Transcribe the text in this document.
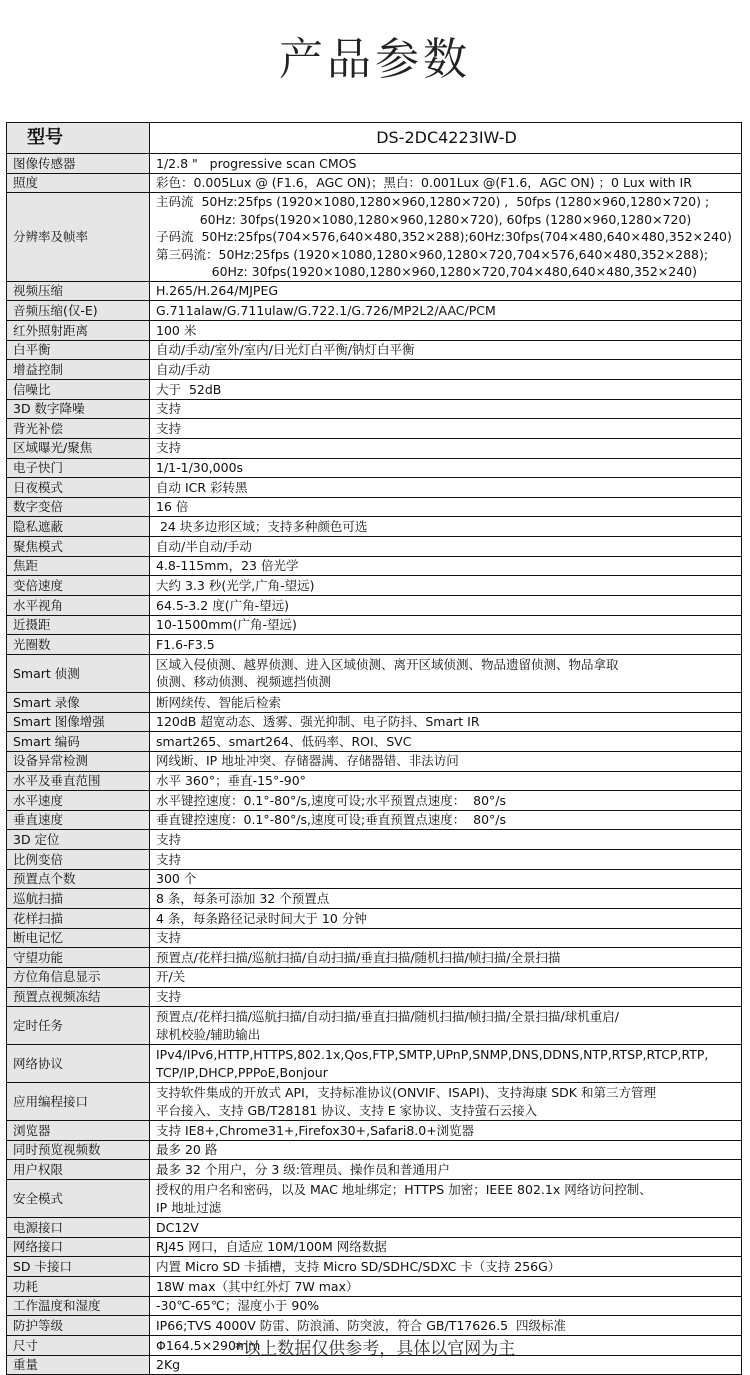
产品参数
型号	DS-2DC4223IW-D
图像传感器	1/2.8 "   progressive scan CMOS
照度	彩色：0.005Lux @ (F1.6，AGC ON)；黑白：0.001Lux @(F1.6，AGC ON) ；0 Lux with IR
分辨率及帧率	主码流  50Hz:25fps (1920×1080,1280×960,1280×720) ,  50fps (1280×960,1280×720) ;
60Hz: 30fps(1920×1080,1280×960,1280×720), 60fps (1280×960,1280×720)
子码流  50Hz:25fps(704×576,640×480,352×288);60Hz:30fps(704×480,640×480,352×240)
第三码流：50Hz:25fps (1920×1080,1280×960,1280×720,704×576,640×480,352×288);
60Hz: 30fps(1920×1080,1280×960,1280×720,704×480,640×480,352×240)
视频压缩	H.265/H.264/MJPEG
音频压缩(仅-E)	G.711alaw/G.711ulaw/G.722.1/G.726/MP2L2/AAC/PCM
红外照射距离	100 米
白平衡	自动/手动/室外/室内/日光灯白平衡/钠灯白平衡
增益控制	自动/手动
信噪比	大于  52dB
3D 数字降噪	支持
背光补偿	支持
区域曝光/聚焦	支持
电子快门	1/1-1/30,000s
日夜模式	自动 ICR 彩转黑
数字变倍	16 倍
隐私遮蔽	24 块多边形区域；支持多种颜色可选
聚焦模式	自动/半自动/手动
焦距	4.8-115mm，23 倍光学
变倍速度	大约 3.3 秒(光学,广角-望远)
水平视角	64.5-3.2 度(广角-望远)
近摄距	10-1500mm(广角-望远)
光圈数	F1.6-F3.5
Smart 侦测	区域入侵侦测、越界侦测、进入区域侦测、离开区域侦测、物品遗留侦测、物品拿取
侦测、移动侦测、视频遮挡侦测
Smart 录像	断网续传、智能后检索
Smart 图像增强	120dB 超宽动态、透雾、强光抑制、电子防抖、Smart IR
Smart 编码	smart265、smart264、低码率、ROI、SVC
设备异常检测	网线断、IP 地址冲突、存储器满、存储器错、非法访问
水平及垂直范围	水平 360°；垂直-15°-90°
水平速度	水平键控速度：0.1°-80°/s,速度可设;水平预置点速度：  80°/s
垂直速度	垂直键控速度：0.1°-80°/s,速度可设;垂直预置点速度：  80°/s
3D 定位	支持
比例变倍	支持
预置点个数	300 个
巡航扫描	8 条，每条可添加 32 个预置点
花样扫描	4 条，每条路径记录时间大于 10 分钟
断电记忆	支持
守望功能	预置点/花样扫描/巡航扫描/自动扫描/垂直扫描/随机扫描/帧扫描/全景扫描
方位角信息显示	开/关
预置点视频冻结	支持
定时任务	预置点/花样扫描/巡航扫描/自动扫描/垂直扫描/随机扫描/帧扫描/全景扫描/球机重启/
球机校验/辅助输出
网络协议	IPv4/IPv6,HTTP,HTTPS,802.1x,Qos,FTP,SMTP,UPnP,SNMP,DNS,DDNS,NTP,RTSP,RTCP,RTP,
TCP/IP,DHCP,PPPoE,Bonjour
应用编程接口	支持软件集成的开放式 API，支持标准协议(ONVIF、ISAPI)、支持海康 SDK 和第三方管理
平台接入、支持 GB/T28181 协议、支持 E 家协议、支持萤石云接入
浏览器	支持 IE8+,Chrome31+,Firefox30+,Safari8.0+浏览器
同时预览视频数	最多 20 路
用户权限	最多 32 个用户，分 3 级:管理员、操作员和普通用户
安全模式	授权的用户名和密码，以及 MAC 地址绑定；HTTPS 加密；IEEE 802.1x 网络访问控制、
IP 地址过滤
电源接口	DC12V
网络接口	RJ45 网口，自适应 10M/100M 网络数据
SD 卡接口	内置 Micro SD 卡插槽，支持 Micro SD/SDHC/SDXC 卡（支持 256G）
功耗	18W max（其中红外灯 7W max）
工作温度和湿度	-30℃-65℃；湿度小于 90%
防护等级	IP66;TVS 4000V 防雷、防浪涌、防突波，符合 GB/T17626.5  四级标准
尺寸	Φ164.5×290mm
重量	2Kg
*以上数据仅供参考，具体以官网为主
